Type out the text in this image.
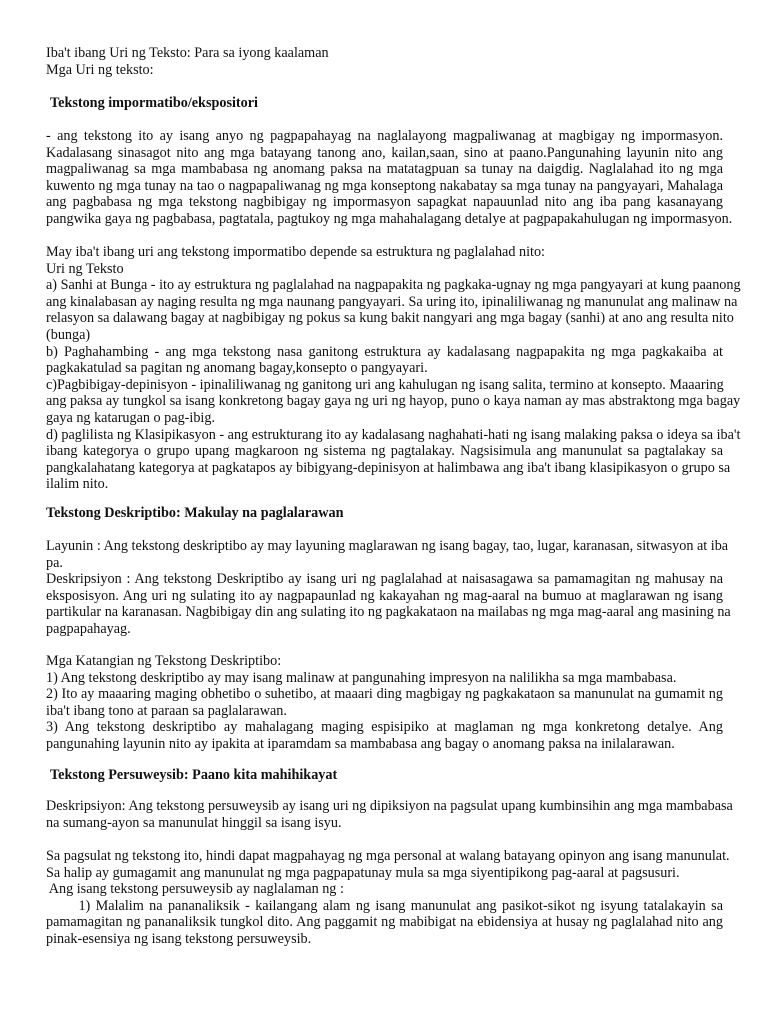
Iba't ibang Uri ng Tekstо: Para sa iyong kaalaman
Mga Uri ng teksto:
Tekstong impormatibo/ekspositori
- ang tekstong ito ay isang anyo ng pagpapahayag na naglalayong magpaliwanag at magbigay ng impormasyon.
Kadalasang sinasagot nito ang mga batayang tanong ano, kailan,saan, sino at paano.Pangunahing layunin nito ang
magpaliwanag sa mga mambabasa ng anomang paksa na matatagpuan sa tunay na daigdig. Naglalahad ito ng mga
kuwento ng mga tunay na tao o nagpapaliwanag ng mga konseptong nakabatay sa mga tunay na pangyayari, Mahalaga
ang pagbabasa ng mga tekstong nagbibigay ng impormasyon sapagkat napauunlad nito ang iba pang kasanayang
pangwika gaya ng pagbabasa, pagtatala, pagtukoy ng mga mahahalagang detalye at pagpapakahulugan ng impormasyon.
May iba't ibang uri ang tekstong impormatibo depende sa estruktura ng paglalahad nito:
Uri ng Teksto
a) Sanhi at Bunga - ito ay estruktura ng paglalahad na nagpapakita ng pagkaka-ugnay ng mga pangyayari at kung paanong
ang kinalabasan ay naging resulta ng mga naunang pangyayari. Sa uring ito, ipinaliliwanag ng manunulat ang malinaw na
relasyon sa dalawang bagay at nagbibigay ng pokus sa kung bakit nangyari ang mga bagay (sanhi) at ano ang resulta nito
(bunga)
b) Paghahambing - ang mga tekstong nasa ganitong estruktura ay kadalasang nagpapakita ng mga pagkakaiba at
pagkakatulad sa pagitan ng anomang bagay,konsepto o pangyayari.
c)Pagbibigay-depinisyon - ipinaliliwanag ng ganitong uri ang kahulugan ng isang salita, termino at konsepto. Maaaring
ang paksa ay tungkol sa isang konkretong bagay gaya ng uri ng hayop, puno o kaya naman ay mas abstraktong mga bagay
gaya ng katarugan o pag-ibig.
d) paglilista ng Klasipikasyon - ang estrukturang ito ay kadalasang naghahati-hati ng isang malaking paksa o ideya sa iba't
ibang kategorya o grupo upang magkaroon ng sistema ng pagtalakay. Nagsisimula ang manunulat sa pagtalakay sa
pangkalahatang kategorya at pagkatapos ay bibigyang-depinisyon at halimbawa ang iba't ibang klasipikasyon o grupo sa
ilalim nito.
Tekstong Deskriptibo: Makulay na paglalarawan
Layunin : Ang tekstong deskriptibo ay may layuning maglarawan ng isang bagay, tao, lugar, karanasan, sitwasyon at iba
pa.
Deskripsiyon : Ang tekstong Deskriptibo ay isang uri ng paglalahad at naisasagawa sa pamamagitan ng mahusay na
eksposisyon. Ang uri ng sulating ito ay nagpapaunlad ng kakayahan ng mag-aaral na bumuo at maglarawan ng isang
partikular na karanasan. Nagbibigay din ang sulating ito ng pagkakataon na mailabas ng mga mag-aaral ang masining na
pagpapahayag.
Mga Katangian ng Tekstong Deskriptibo:
1) Ang tekstong deskriptibo ay may isang malinaw at pangunahing impresyon na nalilikha sa mga mambabasa.
2) Ito ay maaaring maging obhetibo o suhetibo, at maaari ding magbigay ng pagkakataon sa manunulat na gumamit ng
iba't ibang tono at paraan sa paglalarawan.
3) Ang tekstong deskriptibo ay mahalagang maging espisipiko at maglaman ng mga konkretong detalye. Ang
pangunahing layunin nito ay ipakita at iparamdam sa mambabasa ang bagay o anomang paksa na inilalarawan.
Tekstong Persuweysib: Paano kita mahihikayat
Deskripsiyon: Ang tekstong persuweysib ay isang uri ng dipiksiyon na pagsulat upang kumbinsihin ang mga mambabasa
na sumang-ayon sa manunulat hinggil sa isang isyu.
Sa pagsulat ng tekstong ito, hindi dapat magpahayag ng mga personal at walang batayang opinyon ang isang manunulat.
Sa halip ay gumagamit ang manunulat ng mga pagpapatunay mula sa mga siyentipikong pag-aaral at pagsusuri.
Ang isang tekstong persuweysib ay naglalaman ng :
1) Malalim na pananaliksik - kailangang alam ng isang manunulat ang pasikot-sikot ng isyung tatalakayin sa
pamamagitan ng pananaliksik tungkol dito. Ang paggamit ng mabibigat na ebidensiya at husay ng paglalahad nito ang
pinak-esensiya ng isang tekstong persuweysib.
